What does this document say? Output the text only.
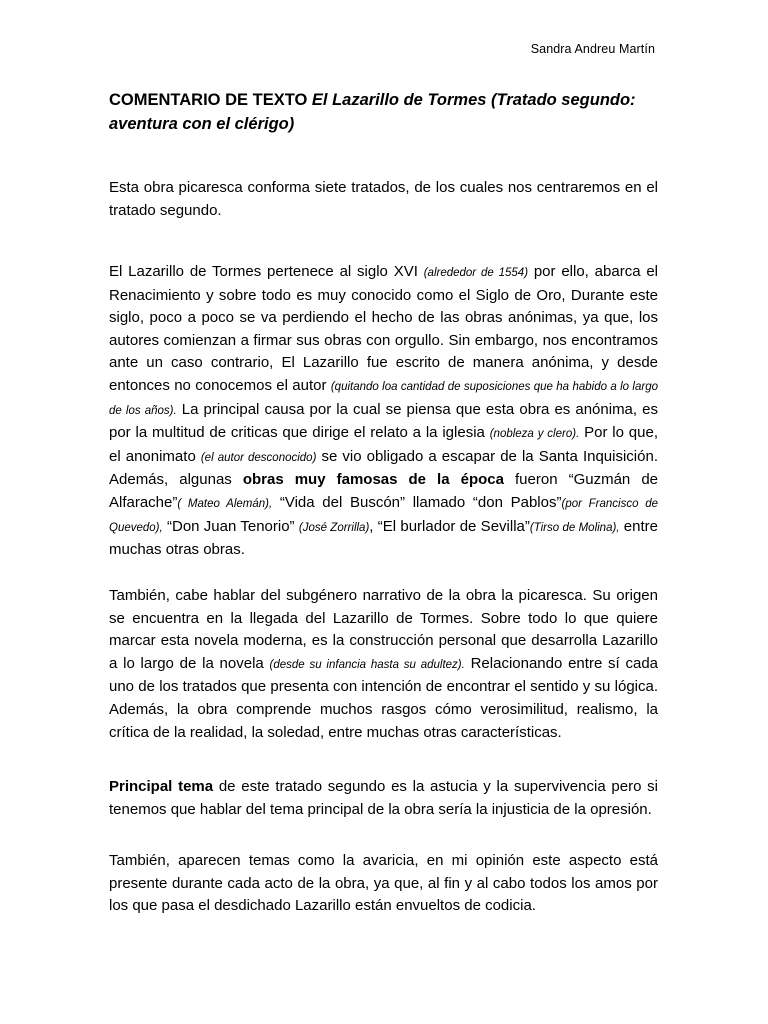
Sandra Andreu Martín
COMENTARIO DE TEXTO El Lazarillo de Tormes (Tratado segundo: aventura con el clérigo)

Esta obra picaresca conforma siete tratados, de los cuales nos centraremos en el tratado segundo.

El Lazarillo de Tormes pertenece al siglo XVI (alrededor de 1554) por ello, abarca el Renacimiento y sobre todo es muy conocido como el Siglo de Oro, Durante este siglo, poco a poco se va perdiendo el hecho de las obras anónimas, ya que, los autores comienzan a firmar sus obras con orgullo. Sin embargo, nos encontramos ante un caso contrario, El Lazarillo fue escrito de manera anónima, y desde entonces no conocemos el autor (quitando loa cantidad de suposiciones que ha habido a lo largo de los años). La principal causa por la cual se piensa que esta obra es anónima, es por la multitud de criticas que dirige el relato a la iglesia (nobleza y clero). Por lo que, el anonimato (el autor desconocido) se vio obligado a escapar de la Santa Inquisición. Además, algunas obras muy famosas de la época fueron “Guzmán de Alfarache”( Mateo Alemán), “Vida del Buscón” llamado “don Pablos”(por Francisco de Quevedo), “Don Juan Tenorio” (José Zorrilla), “El burlador de Sevilla”(Tirso de Molina), entre muchas otras obras.

También, cabe hablar del subgénero narrativo de la obra la picaresca. Su origen se encuentra en la llegada del Lazarillo de Tormes. Sobre todo lo que quiere marcar esta novela moderna, es la construcción personal que desarrolla Lazarillo a lo largo de la novela (desde su infancia hasta su adultez). Relacionando entre sí cada uno de los tratados que presenta con intención de encontrar el sentido y su lógica. Además, la obra comprende muchos rasgos cómo verosimilitud, realismo, la crítica de la realidad, la soledad, entre muchas otras características.

Principal tema de este tratado segundo es la astucia y la supervivencia pero si tenemos que hablar del tema principal de la obra sería la injusticia de la opresión.

También, aparecen temas como la avaricia, en mi opinión este aspecto está presente durante cada acto de la obra, ya que, al fin y al cabo todos los amos por los que pasa el desdichado Lazarillo están envueltos de codicia.
